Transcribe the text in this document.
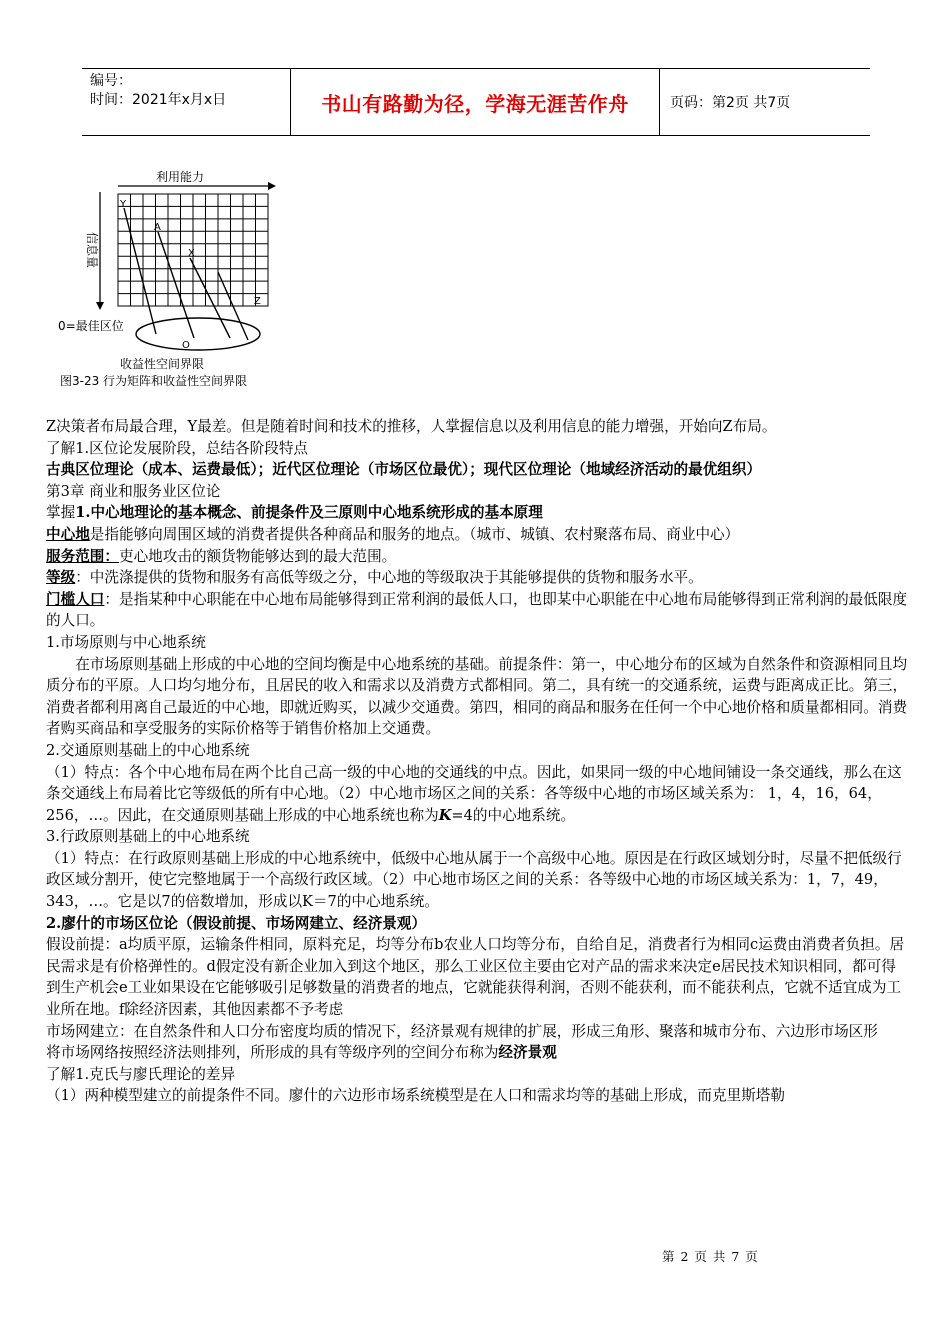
编号：
时间：2021年x月x日	书山有路勤为径，学海无涯苦作舟	页码：第2页 共7页
利用能力
信息量
Y
A
X
Z
O
0=最佳区位
收益性空间界限
图3-23 行为矩阵和收益性空间界限

Z决策者布局最合理，Y最差。但是随着时间和技术的推移，人掌握信息以及利用信息的能力增强，开始向Z布局。

了解1.区位论发展阶段，总结各阶段特点

古典区位理论（成本、运费最低）；近代区位理论（市场区位最优）；现代区位理论（地域经济活动的最优组织）

第3章 商业和服务业区位论

掌握1.中心地理论的基本概念、前提条件及三原则中心地系统形成的基本原理

中心地是指能够向周围区域的消费者提供各种商品和服务的地点。（城市、城镇、农村聚落布局、商业中心）

服务范围：吏心地攻击的额货物能够达到的最大范围。

等级：中洗涤提供的货物和服务有高低等级之分，中心地的等级取决于其能够提供的货物和服务水平。

门槛人口：是指某种中心职能在中心地布局能够得到正常利润的最低人口，也即某中心职能在中心地布局能够得到正常利润的最低限度的人口。

1.市场原则与中心地系统

在市场原则基础上形成的中心地的空间均衡是中心地系统的基础。前提条件：第一，中心地分布的区域为自然条件和资源相同且均质分布的平原。人口均匀地分布，且居民的收入和需求以及消费方式都相同。第二，具有统一的交通系统，运费与距离成正比。第三，消费者都利用离自己最近的中心地，即就近购买，以减少交通费。第四，相同的商品和服务在任何一个中心地价格和质量都相同。消费者购买商品和享受服务的实际价格等于销售价格加上交通费。

2.交通原则基础上的中心地系统

（1）特点：各个中心地布局在两个比自己高一级的中心地的交通线的中点。因此，如果同一级的中心地间铺设一条交通线，那么在这条交通线上布局着比它等级低的所有中心地。（2）中心地市场区之间的关系：各等级中心地的市场区域关系为： 1，4，16，64，256，…。因此，在交通原则基础上形成的中心地系统也称为K=4的中心地系统。

3.行政原则基础上的中心地系统

（1）特点：在行政原则基础上形成的中心地系统中，低级中心地从属于一个高级中心地。原因是在行政区域划分时，尽量不把低级行政区域分割开，使它完整地属于一个高级行政区域。（2）中心地市场区之间的关系：各等级中心地的市场区域关系为：1，7，49，343，…。它是以7的倍数增加，形成以K＝7的中心地系统。

2.廖什的市场区位论（假设前提、市场网建立、经济景观）

假设前提：a均质平原，运输条件相同，原料充足，均等分布b农业人口均等分布，自给自足，消费者行为相同c运费由消费者负担。居民需求是有价格弹性的。d假定没有新企业加入到这个地区，那么工业区位主要由它对产品的需求来决定e居民技术知识相同，都可得到生产机会e工业如果设在它能够吸引足够数量的消费者的地点，它就能获得利润，否则不能获利，而不能获利点，它就不适宜成为工业所在地。f除经济因素，其他因素都不予考虑

市场网建立：在自然条件和人口分布密度均质的情况下，经济景观有规律的扩展，形成三角形、聚落和城市分布、六边形市场区形

将市场网络按照经济法则排列，所形成的具有等级序列的空间分布称为经济景观

了解1.克氏与廖氏理论的差异

（1）两种模型建立的前提条件不同。廖什的六边形市场系统模型是在人口和需求均等的基础上形成，而克里斯塔勒

第 2 页 共 7 页
